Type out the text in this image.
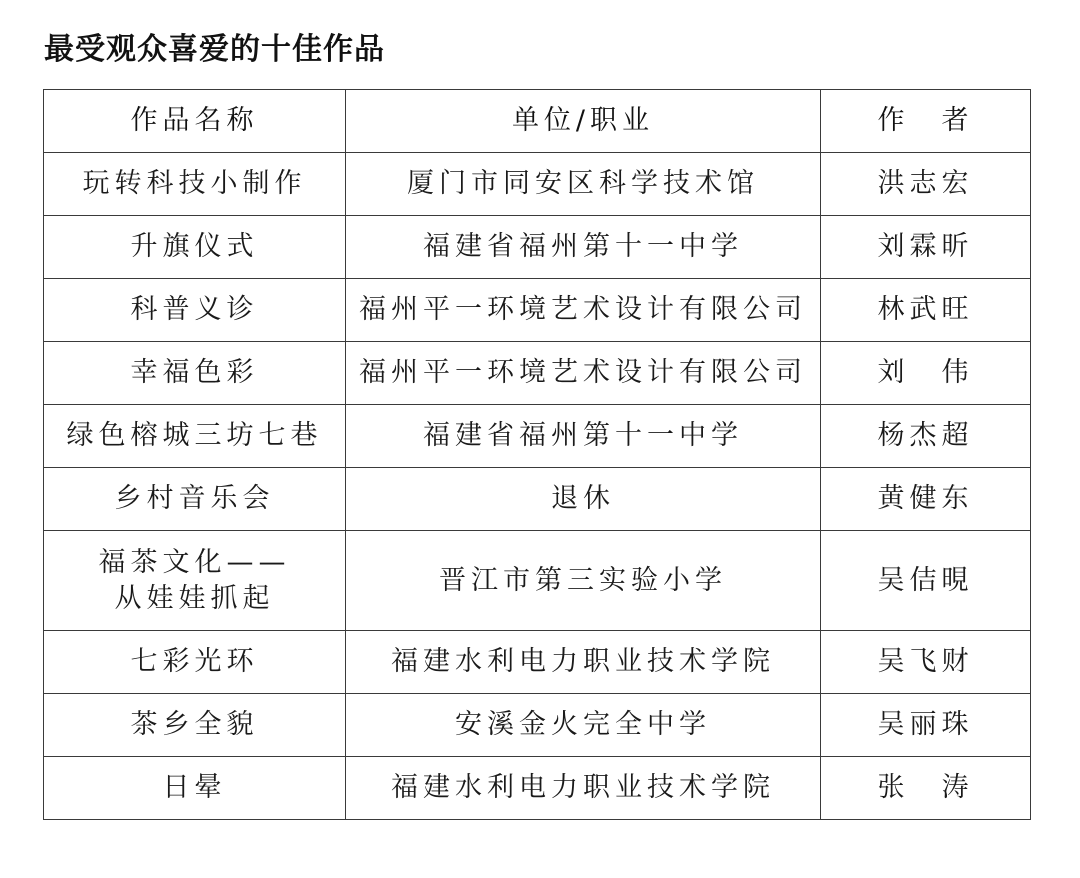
最受观众喜爱的十佳作品
作品名称	单位/职业	作　者
玩转科技小制作	厦门市同安区科学技术馆	洪志宏
升旗仪式	福建省福州第十一中学	刘霖昕
科普义诊	福州平一环境艺术设计有限公司	林武旺
幸福色彩	福州平一环境艺术设计有限公司	刘　伟
绿色榕城三坊七巷	福建省福州第十一中学	杨杰超
乡村音乐会	退休	黄健东
福茶文化——
从娃娃抓起	晋江市第三实验小学	吴佶晛
七彩光环	福建水利电力职业技术学院	吴飞财
茶乡全貌	安溪金火完全中学	吴丽珠
日晕	福建水利电力职业技术学院	张　涛
